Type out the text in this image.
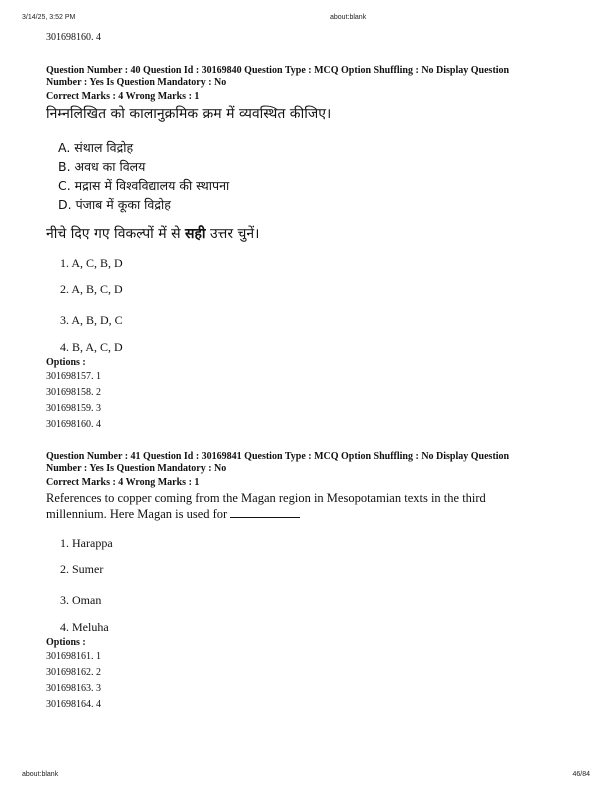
3/14/25, 3:52 PM	about:blank
301698160. 4
Question Number : 40 Question Id : 30169840 Question Type : MCQ Option Shuffling : No Display Question
Number : Yes Is Question Mandatory : No
Correct Marks : 4 Wrong Marks : 1
निम्नलिखित को कालानुक्रमिक क्रम में व्यवस्थित कीजिए।
A. संथाल विद्रोह
B. अवध का विलय
C. मद्रास में विश्वविद्यालय की स्थापना
D. पंजाब में कूका विद्रोह
नीचे दिए गए विकल्पों में से सही उत्तर चुनें।
1. A, C, B, D
2. A, B, C, D
3. A, B, D, C
4. B, A, C, D
Options :
301698157. 1
301698158. 2
301698159. 3
301698160. 4
Question Number : 41 Question Id : 30169841 Question Type : MCQ Option Shuffling : No Display Question
Number : Yes Is Question Mandatory : No
Correct Marks : 4 Wrong Marks : 1
References to copper coming from the Magan region in Mesopotamian texts in the third
millennium. Here Magan is used for
1. Harappa
2. Sumer
3. Oman
4. Meluha
Options :
301698161. 1
301698162. 2
301698163. 3
301698164. 4
about:blank	46/84
